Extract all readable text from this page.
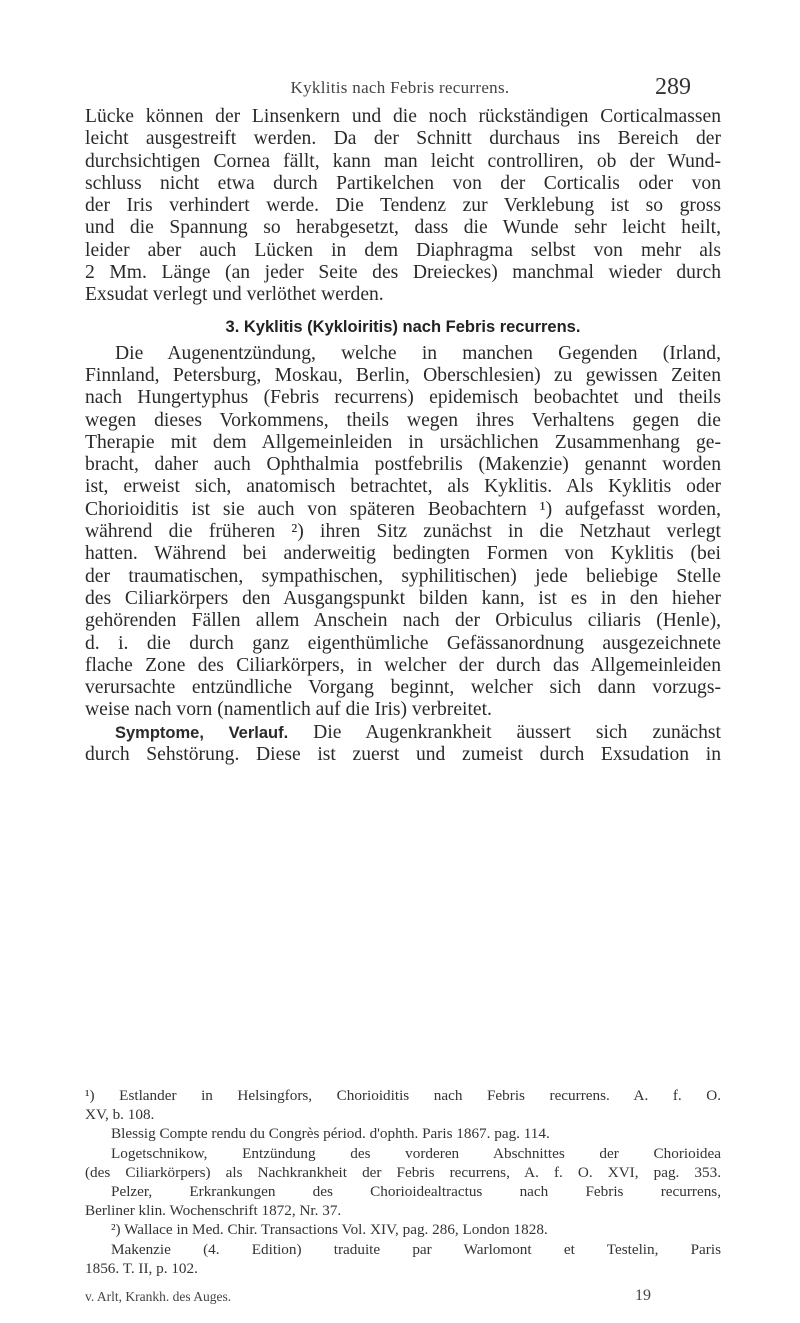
Kyklitis nach Febris recurrens.	289
Lücke können der Linsenkern und die noch rückständigen Corticalmassen
leicht ausgestreift werden. Da der Schnitt durchaus ins Bereich der
durchsichtigen Cornea fällt, kann man leicht controlliren, ob der Wund-
schluss nicht etwa durch Partikelchen von der Corticalis oder von
der Iris verhindert werde. Die Tendenz zur Verklebung ist so gross
und die Spannung so herabgesetzt, dass die Wunde sehr leicht heilt,
leider aber auch Lücken in dem Diaphragma selbst von mehr als
2 Mm. Länge (an jeder Seite des Dreieckes) manchmal wieder durch
Exsudat verlegt und verlöthet werden.
3. Kyklitis (Kykloiritis) nach Febris recurrens.
Die Augenentzündung, welche in manchen Gegenden (Irland,
Finnland, Petersburg, Moskau, Berlin, Oberschlesien) zu gewissen Zeiten
nach Hungertyphus (Febris recurrens) epidemisch beobachtet und theils
wegen dieses Vorkommens, theils wegen ihres Verhaltens gegen die
Therapie mit dem Allgemeinleiden in ursächlichen Zusammenhang ge-
bracht, daher auch Ophthalmia postfebrilis (Makenzie) genannt worden
ist, erweist sich, anatomisch betrachtet, als Kyklitis. Als Kyklitis oder
Chorioiditis ist sie auch von späteren Beobachtern ¹) aufgefasst worden,
während die früheren ²) ihren Sitz zunächst in die Netzhaut verlegt
hatten. Während bei anderweitig bedingten Formen von Kyklitis (bei
der traumatischen, sympathischen, syphilitischen) jede beliebige Stelle
des Ciliarkörpers den Ausgangspunkt bilden kann, ist es in den hieher
gehörenden Fällen allem Anschein nach der Orbiculus ciliaris (Henle),
d. i. die durch ganz eigenthümliche Gefässanordnung ausgezeichnete
flache Zone des Ciliarkörpers, in welcher der durch das Allgemeinleiden
verursachte entzündliche Vorgang beginnt, welcher sich dann vorzugs-
weise nach vorn (namentlich auf die Iris) verbreitet.
Symptome, Verlauf. Die Augenkrankheit äussert sich zunächst
durch Sehstörung. Diese ist zuerst und zumeist durch Exsudation in
¹) Estlander in Helsingfors, Chorioiditis nach Febris recurrens. A. f. O.
XV, b. 108.
Blessig Compte rendu du Congrès périod. d'ophth. Paris 1867. pag. 114.
Logetschnikow, Entzündung des vorderen Abschnittes der Chorioidea
(des Ciliarkörpers) als Nachkrankheit der Febris recurrens, A. f. O. XVI, pag. 353.
Pelzer, Erkrankungen des Chorioidealtractus nach Febris recurrens,
Berliner klin. Wochenschrift 1872, Nr. 37.
²) Wallace in Med. Chir. Transactions Vol. XIV, pag. 286, London 1828.
Makenzie (4. Edition) traduite par Warlomont et Testelin, Paris
1856. T. II, p. 102.
v. Arlt, Krankh. des Auges.	19
